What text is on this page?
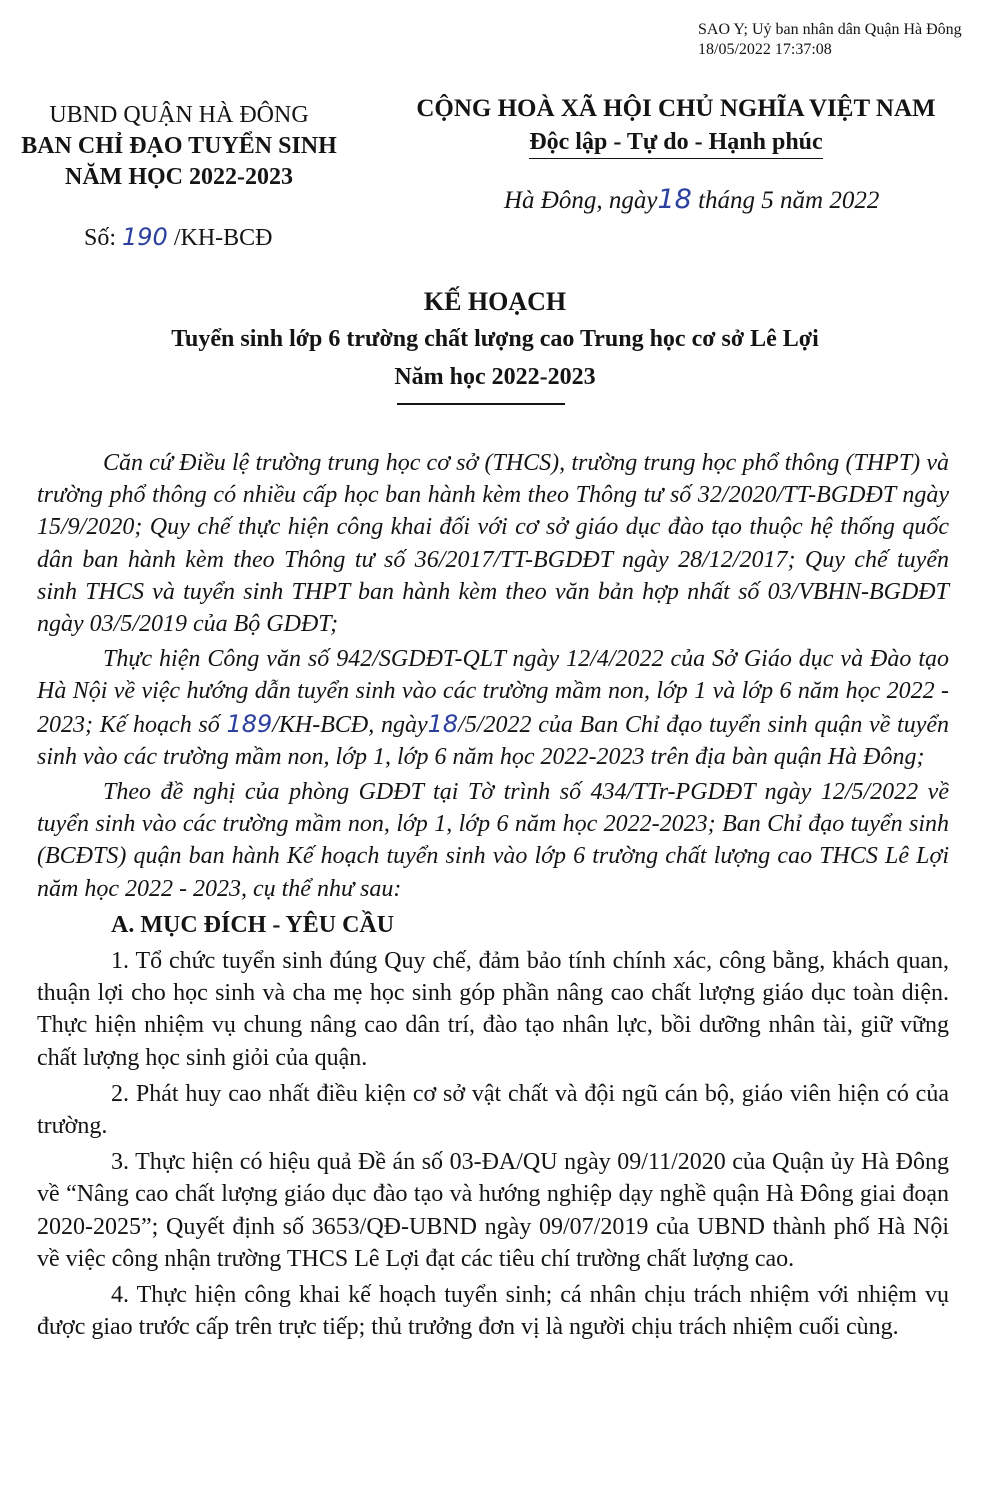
SAO Y; Uỷ ban nhân dân Quận Hà Đông
18/05/2022 17:37:08
UBND QUẬN HÀ ĐÔNG
BAN CHỈ ĐẠO TUYỂN SINH
NĂM HỌC 2022-2023
CỘNG HOÀ XÃ HỘI CHỦ NGHĨA VIỆT NAM
Độc lập - Tự do - Hạnh phúc
Số: 190 /KH-BCĐ
Hà Đông, ngày18 tháng 5 năm 2022
KẾ HOẠCH
Tuyển sinh lớp 6 trường chất lượng cao Trung học cơ sở Lê Lợi
Năm học 2022-2023

Căn cứ Điều lệ trường trung học cơ sở (THCS), trường trung học phổ thông (THPT) và trường phổ thông có nhiều cấp học ban hành kèm theo Thông tư số 32/2020/TT-BGDĐT ngày 15/9/2020; Quy chế thực hiện công khai đối với cơ sở giáo dục đào tạo thuộc hệ thống quốc dân ban hành kèm theo Thông tư số 36/2017/TT-BGDĐT ngày 28/12/2017; Quy chế tuyển sinh THCS và tuyển sinh THPT ban hành kèm theo văn bản hợp nhất số 03/VBHN-BGDĐT ngày 03/5/2019 của Bộ GDĐT;

Thực hiện Công văn số 942/SGDĐT-QLT ngày 12/4/2022 của Sở Giáo dục và Đào tạo Hà Nội về việc hướng dẫn tuyển sinh vào các trường mầm non, lớp 1 và lớp 6 năm học 2022 - 2023; Kế hoạch số 189/KH-BCĐ, ngày18/5/2022 của Ban Chỉ đạo tuyển sinh quận về tuyển sinh vào các trường mầm non, lớp 1, lớp 6 năm học 2022-2023 trên địa bàn quận Hà Đông;

Theo đề nghị của phòng GDĐT tại Tờ trình số 434/TTr-PGDĐT ngày 12/5/2022 về tuyển sinh vào các trường mầm non, lớp 1, lớp 6 năm học 2022-2023; Ban Chỉ đạo tuyển sinh (BCĐTS) quận ban hành Kế hoạch tuyển sinh vào lớp 6 trường chất lượng cao THCS Lê Lợi năm học 2022 - 2023, cụ thể như sau:

A. MỤC ĐÍCH - YÊU CẦU

1. Tổ chức tuyển sinh đúng Quy chế, đảm bảo tính chính xác, công bằng, khách quan, thuận lợi cho học sinh và cha mẹ học sinh góp phần nâng cao chất lượng giáo dục toàn diện. Thực hiện nhiệm vụ chung nâng cao dân trí, đào tạo nhân lực, bồi dưỡng nhân tài, giữ vững chất lượng học sinh giỏi của quận.

2. Phát huy cao nhất điều kiện cơ sở vật chất và đội ngũ cán bộ, giáo viên hiện có của trường.

3. Thực hiện có hiệu quả Đề án số 03-ĐA/QU ngày 09/11/2020 của Quận ủy Hà Đông về “Nâng cao chất lượng giáo dục đào tạo và hướng nghiệp dạy nghề quận Hà Đông giai đoạn 2020-2025”; Quyết định số 3653/QĐ-UBND ngày 09/07/2019 của UBND thành phố Hà Nội về việc công nhận trường THCS Lê Lợi đạt các tiêu chí trường chất lượng cao.

4. Thực hiện công khai kế hoạch tuyển sinh; cá nhân chịu trách nhiệm với nhiệm vụ được giao trước cấp trên trực tiếp; thủ trưởng đơn vị là người chịu trách nhiệm cuối cùng.
